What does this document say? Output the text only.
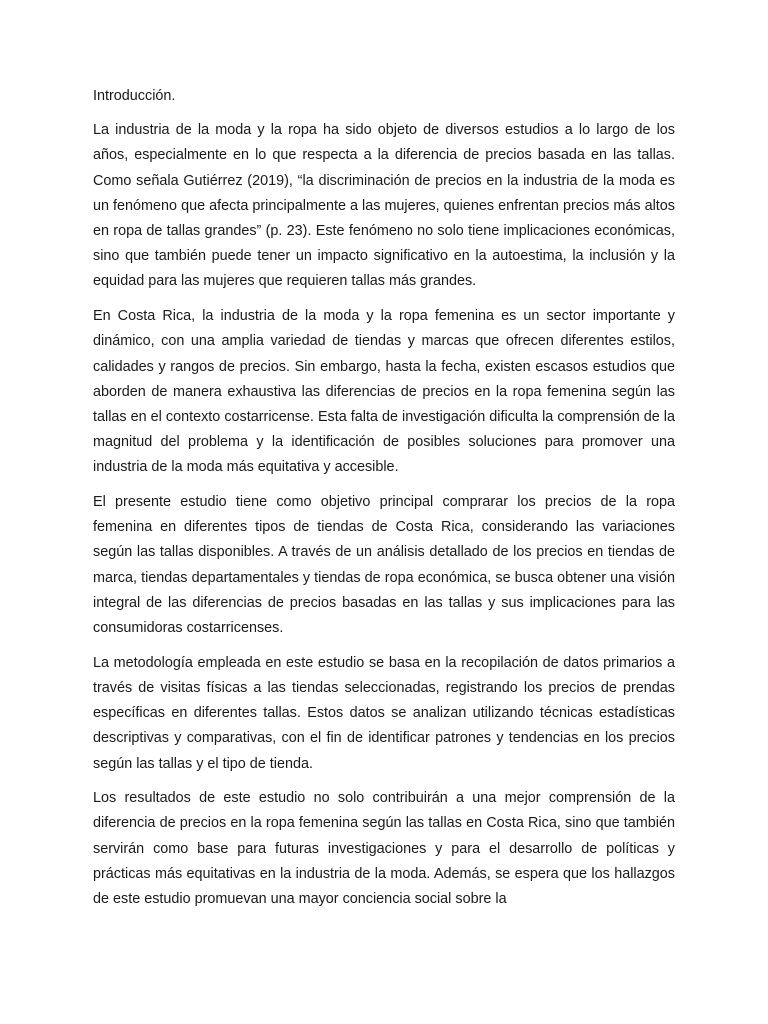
Introducción.

La industria de la moda y la ropa ha sido objeto de diversos estudios a lo largo de los años, especialmente en lo que respecta a la diferencia de precios basada en las tallas. Como señala Gutiérrez (2019), “la discriminación de precios en la industria de la moda es un fenómeno que afecta principalmente a las mujeres, quienes enfrentan precios más altos en ropa de tallas grandes” (p. 23). Este fenómeno no solo tiene implicaciones económicas, sino que también puede tener un impacto significativo en la autoestima, la inclusión y la equidad para las mujeres que requieren tallas más grandes.

En Costa Rica, la industria de la moda y la ropa femenina es un sector importante y dinámico, con una amplia variedad de tiendas y marcas que ofrecen diferentes estilos, calidades y rangos de precios. Sin embargo, hasta la fecha, existen escasos estudios que aborden de manera exhaustiva las diferencias de precios en la ropa femenina según las tallas en el contexto costarricense. Esta falta de investigación dificulta la comprensión de la magnitud del problema y la identificación de posibles soluciones para promover una industria de la moda más equitativa y accesible.

El presente estudio tiene como objetivo principal comprarar los precios de la ropa femenina en diferentes tipos de tiendas de Costa Rica, considerando las variaciones según las tallas disponibles. A través de un análisis detallado de los precios en tiendas de marca, tiendas departamentales y tiendas de ropa económica, se busca obtener una visión integral de las diferencias de precios basadas en las tallas y sus implicaciones para las consumidoras costarricenses.

La metodología empleada en este estudio se basa en la recopilación de datos primarios a través de visitas físicas a las tiendas seleccionadas, registrando los precios de prendas específicas en diferentes tallas. Estos datos se analizan utilizando técnicas estadísticas descriptivas y comparativas, con el fin de identificar patrones y tendencias en los precios según las tallas y el tipo de tienda.

Los resultados de este estudio no solo contribuirán a una mejor comprensión de la diferencia de precios en la ropa femenina según las tallas en Costa Rica, sino que también servirán como base para futuras investigaciones y para el desarrollo de políticas y prácticas más equitativas en la industria de la moda. Además, se espera que los hallazgos de este estudio promuevan una mayor conciencia social sobre la
